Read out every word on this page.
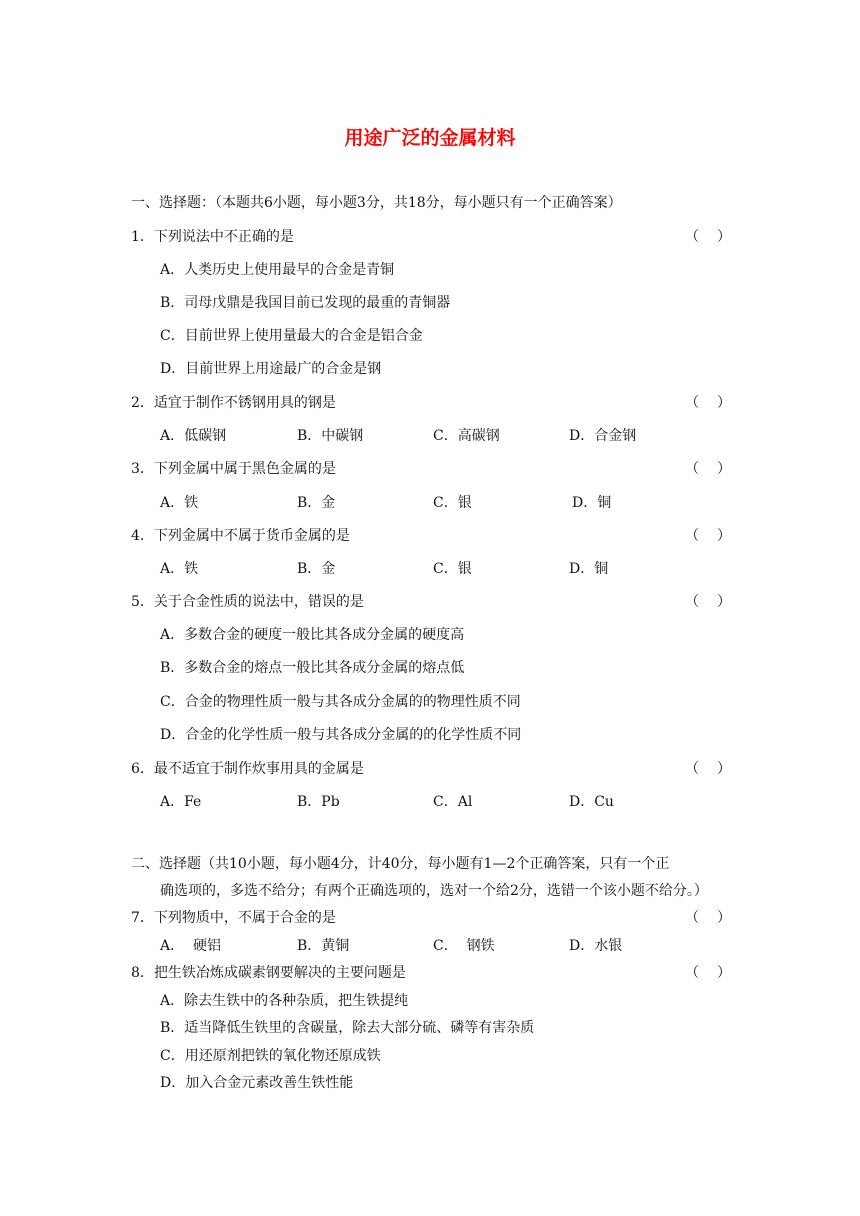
用途广泛的金属材料
一、选择题：（本题共6小题，每小题3分，共18分，每小题只有一个正确答案）
1．下列说法中不正确的是	（ ）
A．人类历史上使用最早的合金是青铜
B．司母戊鼎是我国目前已发现的最重的青铜器
C．目前世界上使用量最大的合金是铝合金
D．目前世界上用途最广的合金是钢
2．适宜于制作不锈钢用具的钢是	（ ）
A．低碳钢	B．中碳钢	C．高碳钢	D．合金钢
3．下列金属中属于黑色金属的是	（ ）
A．铁	B．金	C．银	D．铜
4．下列金属中不属于货币金属的是	（ ）
A．铁	B．金	C．银	D．铜
5．关于合金性质的说法中，错误的是	（ ）
A．多数合金的硬度一般比其各成分金属的硬度高
B．多数合金的熔点一般比其各成分金属的熔点低
C．合金的物理性质一般与其各成分金属的的物理性质不同
D．合金的化学性质一般与其各成分金属的的化学性质不同
6．最不适宜于制作炊事用具的金属是	（ ）
A．Fe	B．Pb	C．Al	D．Cu
二、选择题（共10小题，每小题4分，计40分，每小题有1—2个正确答案，只有一个正
确选项的，多选不给分；有两个正确选项的，选对一个给2分，选错一个该小题不给分。）
7．下列物质中，不属于合金的是	（ ）
A．  硬铝	B．黄铜	C．  钢铁	D．水银
8．把生铁冶炼成碳素钢要解决的主要问题是	（ ）
A．除去生铁中的各种杂质，把生铁提纯
B．适当降低生铁里的含碳量，除去大部分硫、磷等有害杂质
C．用还原剂把铁的氧化物还原成铁
D．加入合金元素改善生铁性能
